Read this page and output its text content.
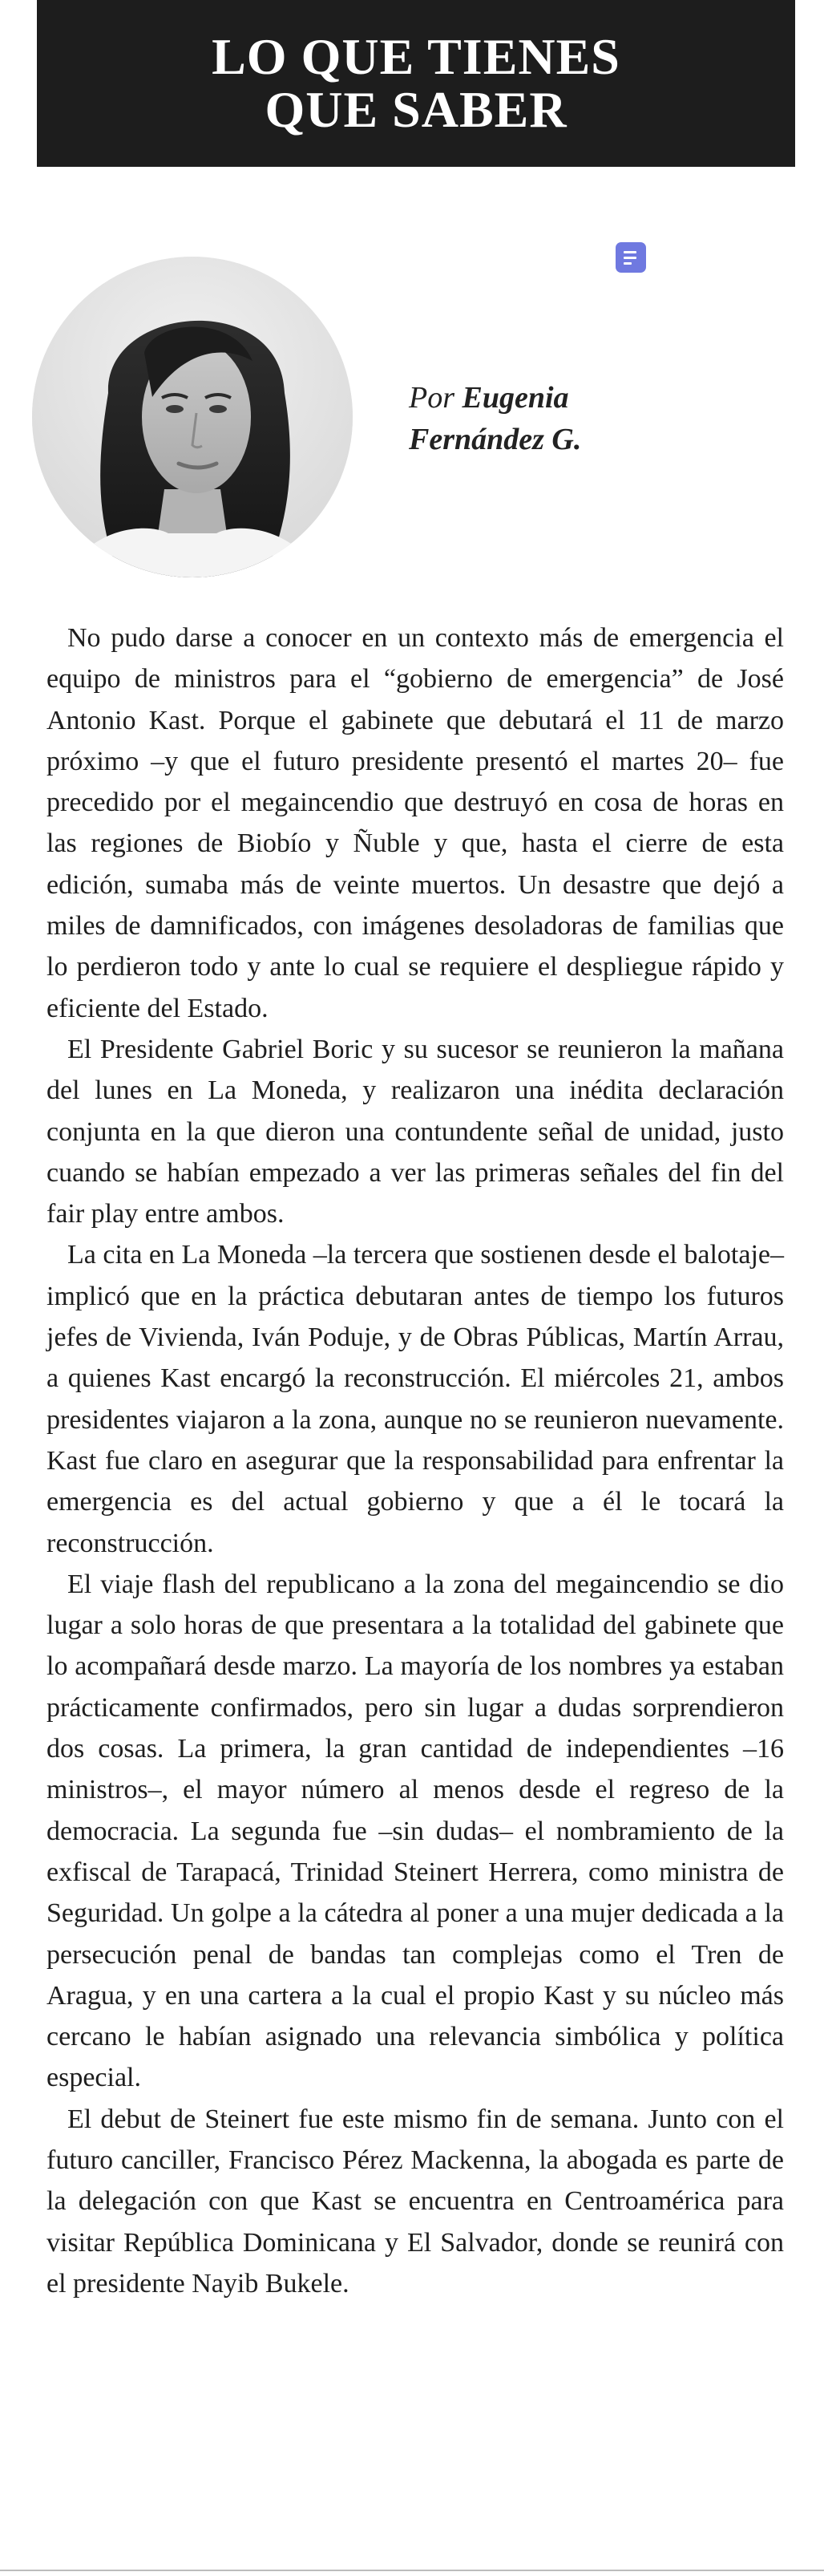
LO QUE TIENES
QUE SABER
Por Eugenia
Fernández G.

No pudo darse a conocer en un contexto más de emergencia el equipo de ministros para el “gobierno de emergencia” de José Antonio Kast. Porque el gabinete que debutará el 11 de marzo próximo –y que el futuro presidente presentó el martes 20– fue precedido por el megaincendio que destruyó en cosa de horas en las regiones de Biobío y Ñuble y que, hasta el cierre de esta edición, sumaba más de veinte muertos. Un desastre que dejó a miles de damnificados, con imágenes desoladoras de familias que lo perdieron todo y ante lo cual se requiere el despliegue rápido y eficiente del Estado.

El Presidente Gabriel Boric y su sucesor se reunieron la mañana del lunes en La Moneda, y realizaron una inédita declaración conjunta en la que dieron una contundente señal de unidad, justo cuando se habían empezado a ver las primeras señales del fin del fair play entre ambos.

La cita en La Moneda –la tercera que sostienen desde el balotaje– implicó que en la práctica debutaran antes de tiempo los futuros jefes de Vivienda, Iván Poduje, y de Obras Públicas, Martín Arrau, a quienes Kast encargó la reconstrucción. El miércoles 21, ambos presidentes viajaron a la zona, aunque no se reunieron nuevamente. Kast fue claro en asegurar que la responsabilidad para enfrentar la emergencia es del actual gobierno y que a él le tocará la reconstrucción.

El viaje flash del republicano a la zona del megaincendio se dio lugar a solo horas de que presentara a la totalidad del gabinete que lo acompañará desde marzo. La mayoría de los nombres ya estaban prácticamente confirmados, pero sin lugar a dudas sorprendieron dos cosas. La primera, la gran cantidad de independientes –16 ministros–, el mayor número al menos desde el regreso de la democracia. La segunda fue –sin dudas– el nombramiento de la exfiscal de Tarapacá, Trinidad Steinert Herrera, como ministra de Seguridad. Un golpe a la cátedra al poner a una mujer dedicada a la persecución penal de bandas tan complejas como el Tren de Aragua, y en una cartera a la cual el propio Kast y su núcleo más cercano le habían asignado una relevancia simbólica y política especial.

El debut de Steinert fue este mismo fin de semana. Junto con el futuro canciller, Francisco Pérez Mackenna, la abogada es parte de la delegación con que Kast se encuentra en Centroamérica para visitar República Dominicana y El Salvador, donde se reunirá con el presidente Nayib Bukele.
